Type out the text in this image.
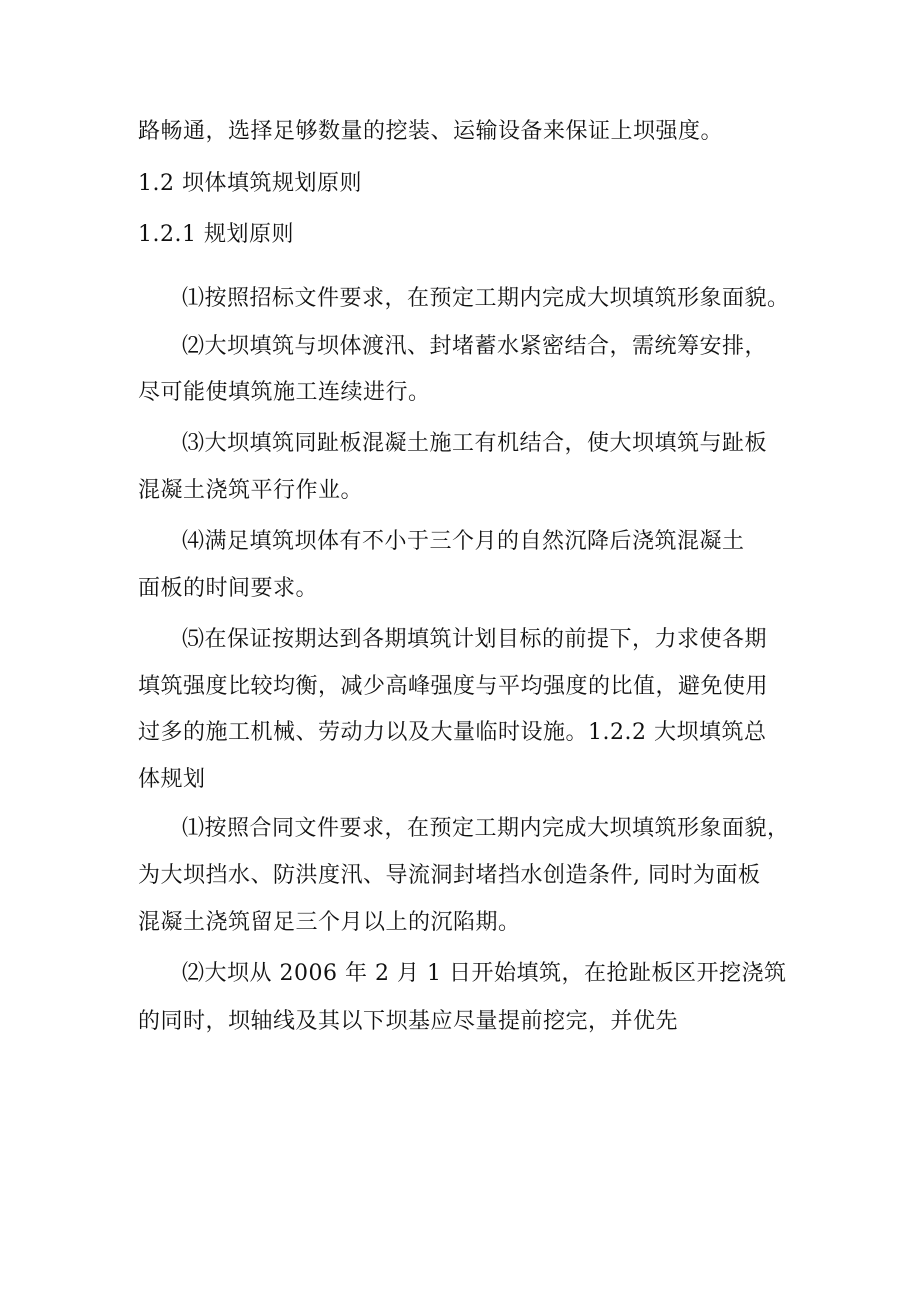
路畅通，选择足够数量的挖装、运输设备来保证上坝强度。
1.2 坝体填筑规划原则
1.2.1 规划原则
⑴按照招标文件要求，在预定工期内完成大坝填筑形象面貌。
⑵大坝填筑与坝体渡汛、封堵蓄水紧密结合，需统筹安排，
尽可能使填筑施工连续进行。
⑶大坝填筑同趾板混凝土施工有机结合，使大坝填筑与趾板
混凝土浇筑平行作业。
⑷满足填筑坝体有不小于三个月的自然沉降后浇筑混凝土
面板的时间要求。
⑸在保证按期达到各期填筑计划目标的前提下，力求使各期
填筑强度比较均衡，减少高峰强度与平均强度的比值，避免使用
过多的施工机械、劳动力以及大量临时设施。1.2.2 大坝填筑总
体规划
⑴按照合同文件要求，在预定工期内完成大坝填筑形象面貌，
为大坝挡水、防洪度汛、导流洞封堵挡水创造条件, 同时为面板
混凝土浇筑留足三个月以上的沉陷期。
⑵大坝从 2006 年 2 月 1 日开始填筑，在抢趾板区开挖浇筑
的同时，坝轴线及其以下坝基应尽量提前挖完，并优先
